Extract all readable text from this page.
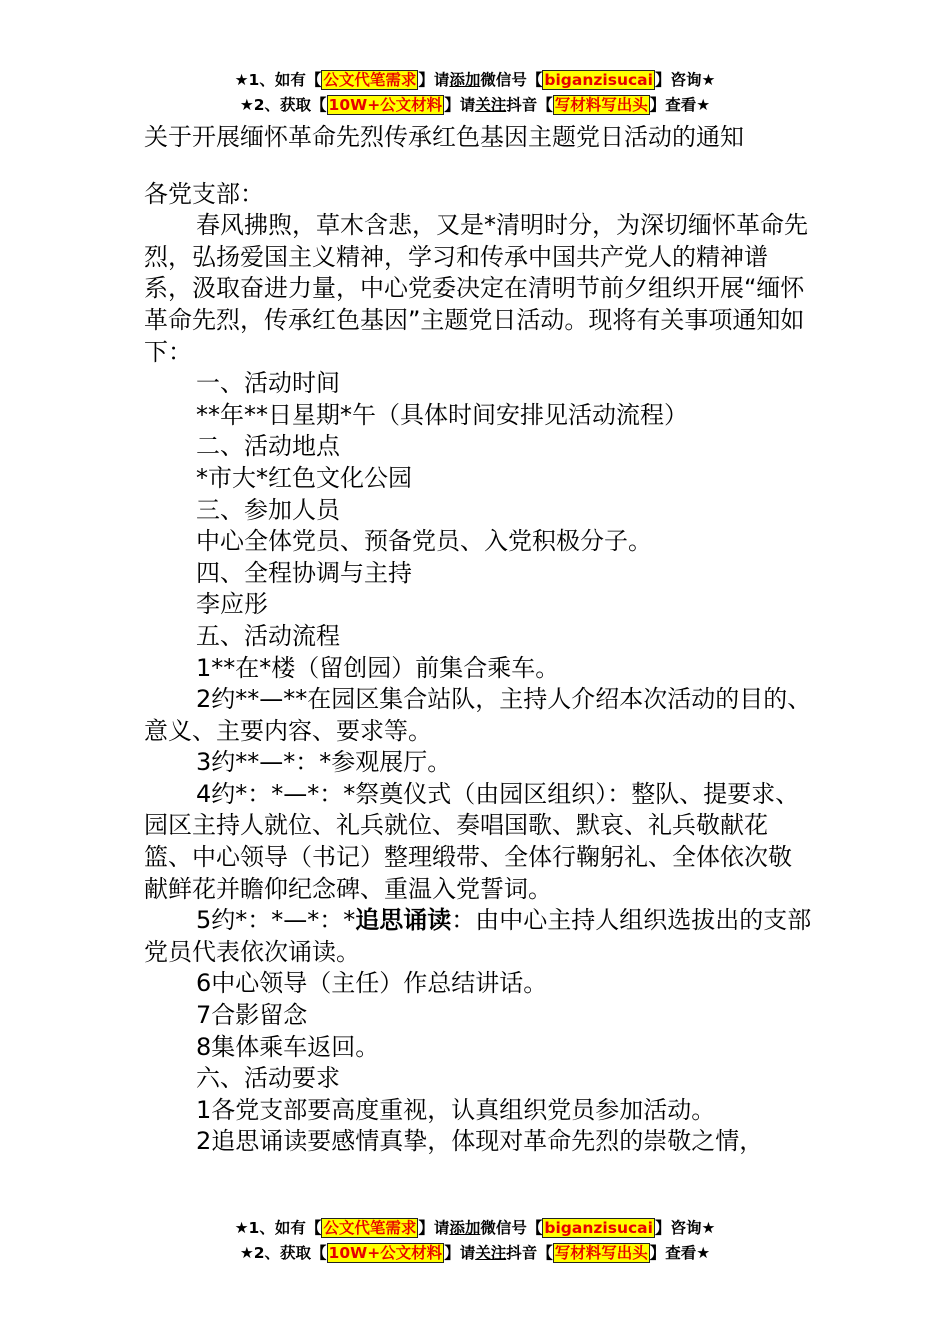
★1、如有【 公文代笔需求 】请添加微信号【 biganzisucai 】咨询★
★2、获取【 10W+公文材料 】请关注抖音【 写材料写出头 】查看★

关于开展缅怀革命先烈传承红色基因主题党日活动的通知

各党支部：

春风拂煦，草木含悲，又是*清明时分，为深切缅怀革命先烈，弘扬爱国主义精神，学习和传承中国共产党人的精神谱系，汲取奋进力量，中心党委决定在清明节前夕组织开展“缅怀革命先烈，传承红色基因”主题党日活动。现将有关事项通知如下：

一、活动时间

**年**日星期*午（具体时间安排见活动流程）

二、活动地点

*市大*红色文化公园

三、参加人员

中心全体党员、预备党员、入党积极分子。

四、全程协调与主持

李应彤

五、活动流程

1**在*楼（留创园）前集合乘车。

2约**—**在园区集合站队，主持人介绍本次活动的目的、意义、主要内容、要求等。

3约**—*：*参观展厅。

4约*：*—*：*祭奠仪式（由园区组织）：整队、提要求、园区主持人就位、礼兵就位、奏唱国歌、默哀、礼兵敬献花篮、中心领导（书记）整理缎带、全体行鞠躬礼、全体依次敬献鲜花并瞻仰纪念碑、重温入党誓词。

5约*：*—*：*追思诵读：由中心主持人组织选拔出的支部党员代表依次诵读。

6中心领导（主任）作总结讲话。

7合影留念

8集体乘车返回。

六、活动要求

1各党支部要高度重视，认真组织党员参加活动。

2追思诵读要感情真挚，体现对革命先烈的崇敬之情，

★1、如有【 公文代笔需求 】请添加微信号【 biganzisucai 】咨询★
★2、获取【 10W+公文材料 】请关注抖音【 写材料写出头 】查看★
